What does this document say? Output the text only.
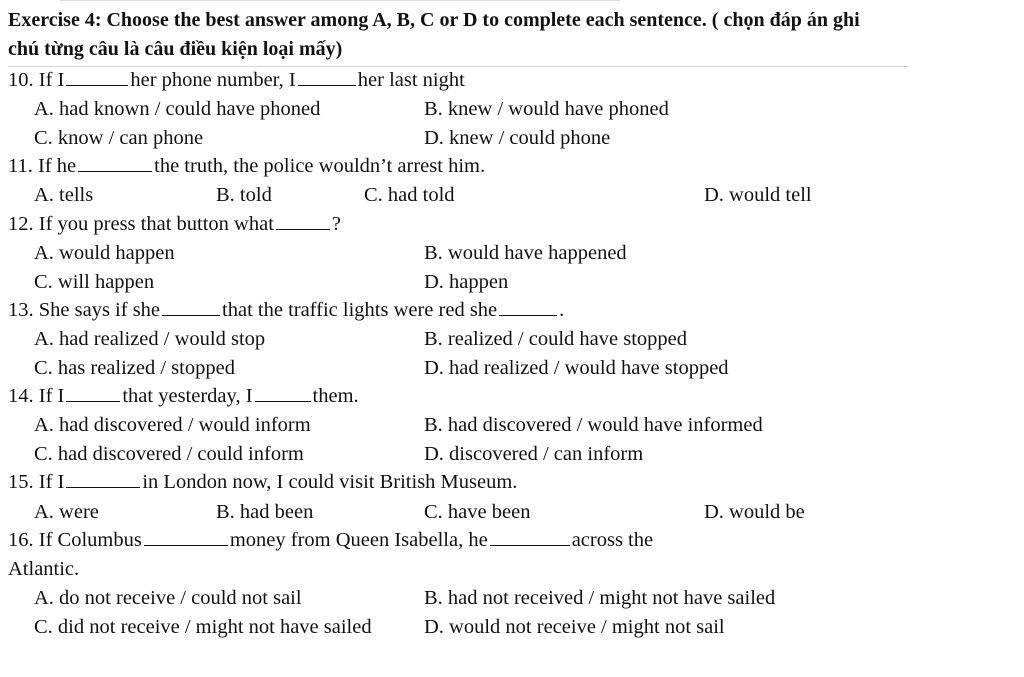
Exercise 4: Choose the best answer among A, B, C or D to complete each sentence. ( chọn đáp án ghi
chú từng câu là câu điều kiện loại mấy)
10. If I	her phone number, I	her last night
A. had known / could have phoned	B. knew / would have phoned
C. know / can phone	D. knew / could phone
11. If he	the truth, the police wouldn’t arrest him.
A. tells	B. told	C. had told	D. would tell
12. If you press that button what	?
A. would happen	B. would have happened
C. will happen	D. happen
13. She says if she	that the traffic lights were red she	.
A. had realized / would stop	B. realized / could have stopped
C. has realized / stopped	D. had realized / would have stopped
14. If I	that yesterday, I	them.
A. had discovered / would inform	B. had discovered / would have informed
C. had discovered / could inform	D. discovered / can inform
15. If I	in London now, I could visit British Museum.
A. were	B. had been	C. have been	D. would be
16. If Columbus	money from Queen Isabella, he	across the
Atlantic.
A. do not receive / could not sail	B. had not received / might not have sailed
C. did not receive / might not have sailed	D. would not receive / might not sail
